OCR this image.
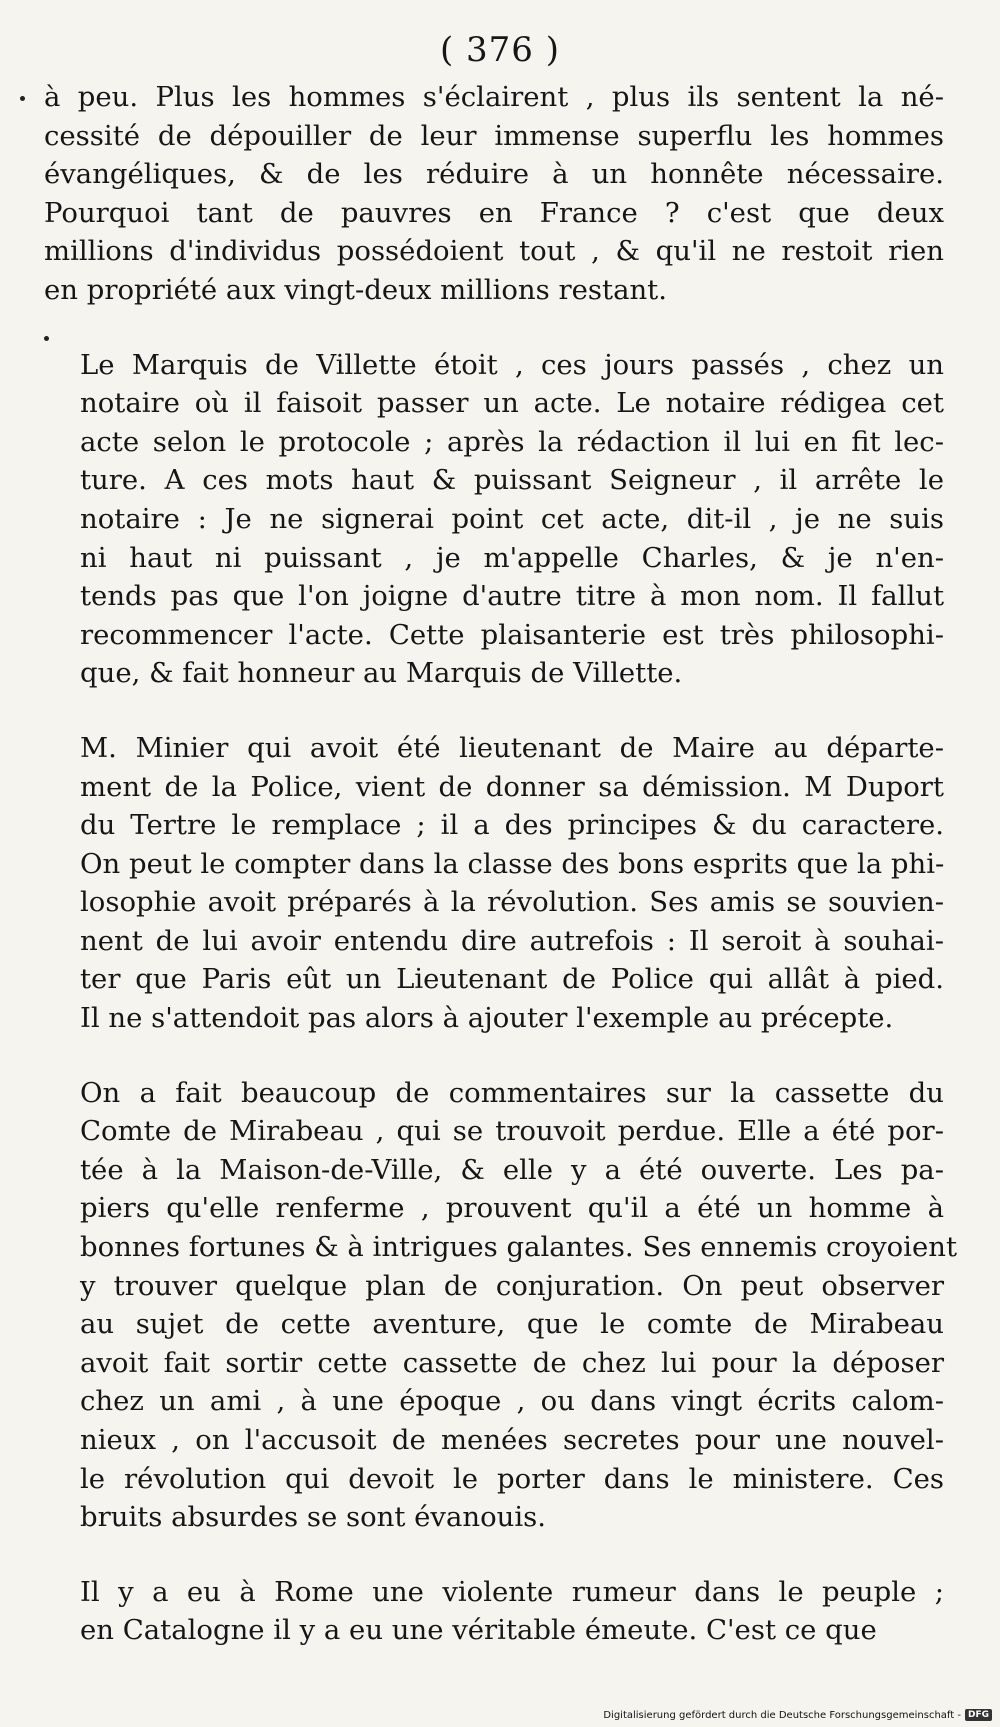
( 376 )

à peu. Plus les hommes s'éclairent , plus ils sentent la né-
cessité de dépouiller de leur immense superflu les hommes
évangéliques, & de les réduire à un honnête nécessaire.
Pourquoi tant de pauvres en France ? c'est que deux
millions d'individus possédoient tout , & qu'il ne restoit rien
en propriété aux vingt-deux millions restant.

Le Marquis de Villette étoit , ces jours passés , chez un
notaire où il faisoit passer un acte. Le notaire rédigea cet
acte selon le protocole ; après la rédaction il lui en fit lec-
ture. A ces mots haut & puissant Seigneur , il arrête le
notaire : Je ne signerai point cet acte, dit-il , je ne suis
ni haut ni puissant , je m'appelle Charles, & je n'en-
tends pas que l'on joigne d'autre titre à mon nom. Il fallut
recommencer l'acte. Cette plaisanterie est très philosophi-
que, & fait honneur au Marquis de Villette.

M. Minier qui avoit été lieutenant de Maire au départe-
ment de la Police, vient de donner sa démission. M Duport
du Tertre le remplace ; il a des principes & du caractere.
On peut le compter dans la classe des bons esprits que la phi-
losophie avoit préparés à la révolution. Ses amis se souvien-
nent de lui avoir entendu dire autrefois : Il seroit à souhai-
ter que Paris eût un Lieutenant de Police qui allât à pied.
Il ne s'attendoit pas alors à ajouter l'exemple au précepte.

On a fait beaucoup de commentaires sur la cassette du
Comte de Mirabeau , qui se trouvoit perdue. Elle a été por-
tée à la Maison-de-Ville, & elle y a été ouverte. Les pa-
piers qu'elle renferme , prouvent qu'il a été un homme à
bonnes fortunes & à intrigues galantes. Ses ennemis croyoient
y trouver quelque plan de conjuration. On peut observer
au sujet de cette aventure, que le comte de Mirabeau
avoit fait sortir cette cassette de chez lui pour la déposer
chez un ami , à une époque , ou dans vingt écrits calom-
nieux , on l'accusoit de menées secretes pour une nouvel-
le révolution qui devoit le porter dans le ministere. Ces
bruits absurdes se sont évanouis.

Il y a eu à Rome une violente rumeur dans le peuple ;
en Catalogne il y a eu une véritable émeute. C'est ce que

Digitalisierung gefördert durch die Deutsche Forschungsgemeinschaft - DFG
